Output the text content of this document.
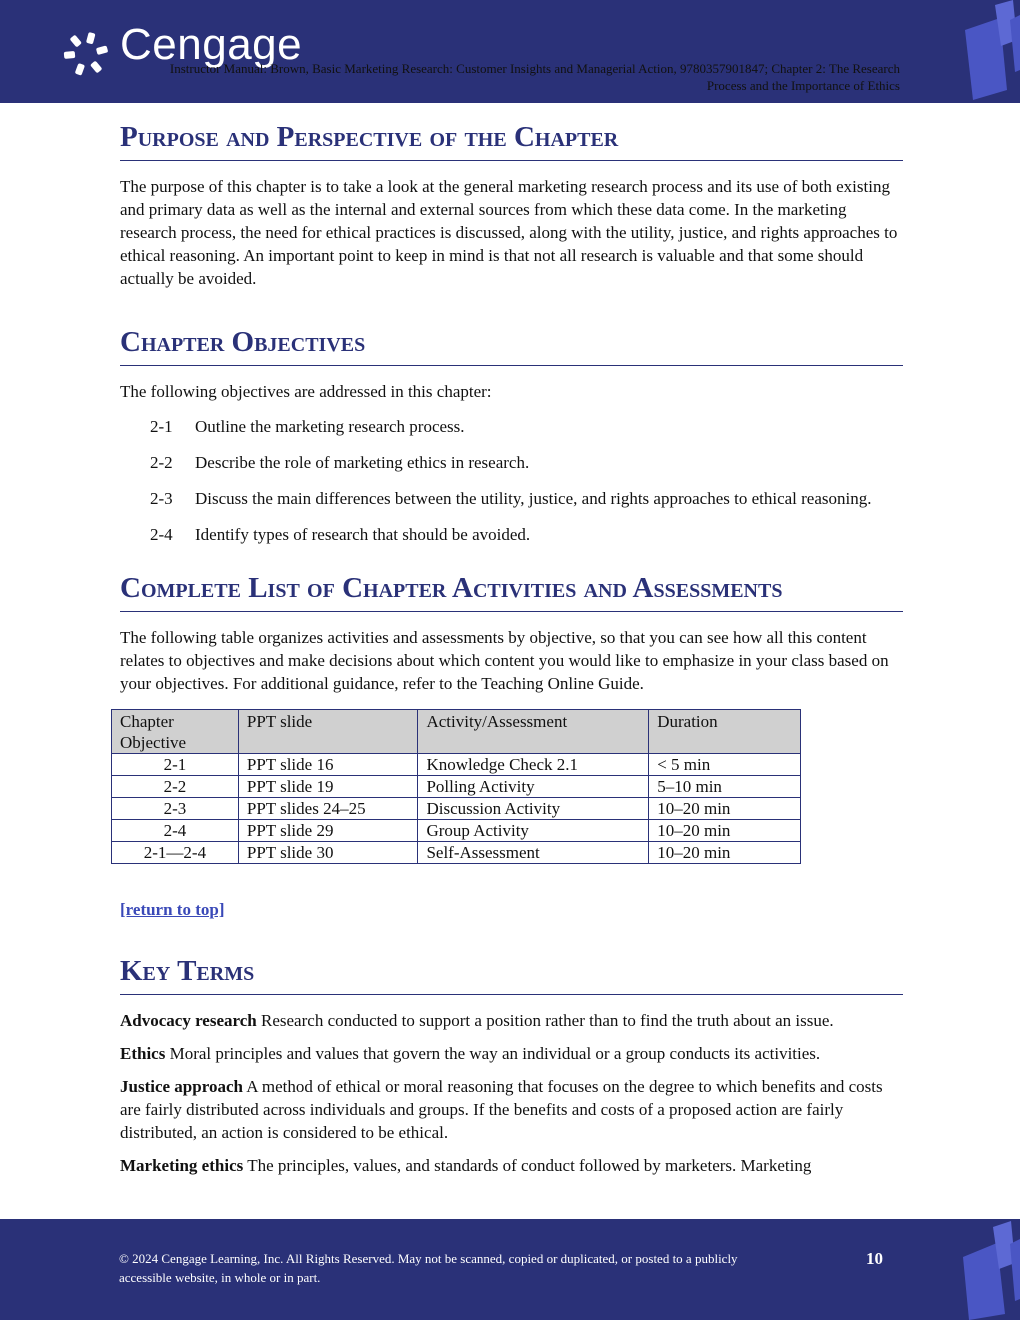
Cengage
Instructor Manual: Brown, Basic Marketing Research: Customer Insights and Managerial Action, 9780357901847; Chapter 2: The Research Process and the Importance of Ethics
Purpose and Perspective of the Chapter

The purpose of this chapter is to take a look at the general marketing research process and its use of both existing and primary data as well as the internal and external sources from which these data come. In the marketing research process, the need for ethical practices is discussed, along with the utility, justice, and rights approaches to ethical reasoning. An important point to keep in mind is that not all research is valuable and that some should actually be avoided.

Chapter Objectives

The following objectives are addressed in this chapter:

2-1	Outline the marketing research process.
2-2	Describe the role of marketing ethics in research.
2-3	Discuss the main differences between the utility, justice, and rights approaches to ethical reasoning.
2-4	Identify types of research that should be avoided.
Complete List of Chapter Activities and Assessments

The following table organizes activities and assessments by objective, so that you can see how all this content relates to objectives and make decisions about which content you would like to emphasize in your class based on your objectives. For additional guidance, refer to the Teaching Online Guide.

Chapter Objective	PPT slide	Activity/Assessment	Duration
2-1	PPT slide 16	Knowledge Check 2.1	< 5 min
2-2	PPT slide 19	Polling Activity	5–10 min
2-3	PPT slides 24–25	Discussion Activity	10–20 min
2-4	PPT slide 29	Group Activity	10–20 min
2-1—2-4	PPT slide 30	Self-Assessment	10–20 min
[return to top]
Key Terms

Advocacy research Research conducted to support a position rather than to find the truth about an issue.

Ethics Moral principles and values that govern the way an individual or a group conducts its activities.

Justice approach A method of ethical or moral reasoning that focuses on the degree to which benefits and costs are fairly distributed across individuals and groups. If the benefits and costs of a proposed action are fairly distributed, an action is considered to be ethical.

Marketing ethics The principles, values, and standards of conduct followed by marketers. Marketing

© 2024 Cengage Learning, Inc. All Rights Reserved. May not be scanned, copied or duplicated, or posted to a publicly accessible website, in whole or in part.
10
